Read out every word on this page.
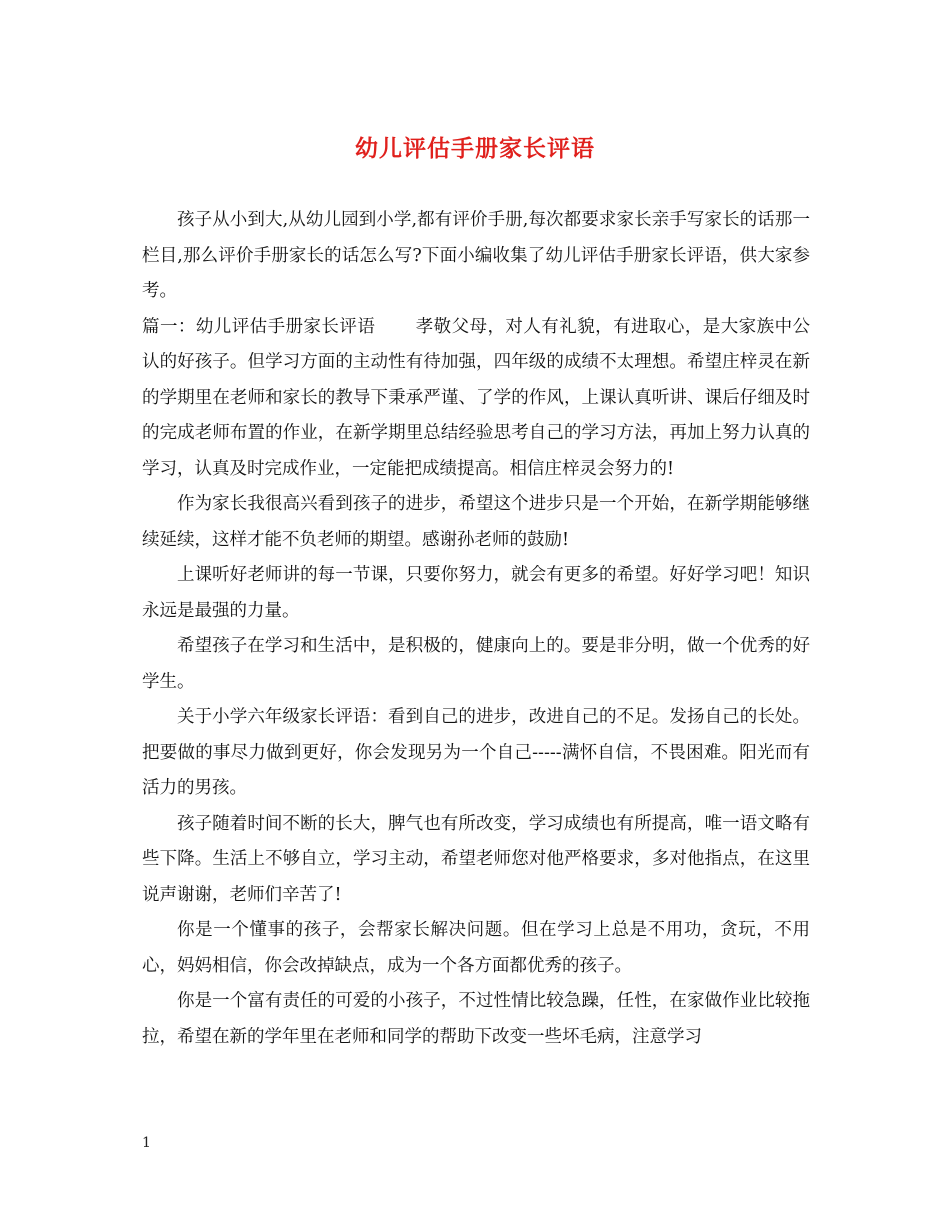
幼儿评估手册家长评语

孩子从小到大,从幼儿园到小学,都有评价手册,每次都要求家长亲手写家长的话那一栏目,那么评价手册家长的话怎么写?下面小编收集了幼儿评估手册家长评语，供大家参考。

篇一：幼儿评估手册家长评语 孝敬父母，对人有礼貌，有进取心，是大家族中公认的好孩子。但学习方面的主动性有待加强，四年级的成绩不太理想。希望庄梓灵在新的学期里在老师和家长的教导下秉承严谨、了学的作风，上课认真听讲、课后仔细及时的完成老师布置的作业，在新学期里总结经验思考自己的学习方法，再加上努力认真的学习，认真及时完成作业，一定能把成绩提高。相信庄梓灵会努力的!

作为家长我很高兴看到孩子的进步，希望这个进步只是一个开始，在新学期能够继续延续，这样才能不负老师的期望。感谢孙老师的鼓励!

上课听好老师讲的每一节课，只要你努力，就会有更多的希望。好好学习吧！知识永远是最强的力量。

希望孩子在学习和生活中，是积极的，健康向上的。要是非分明，做一个优秀的好学生。

关于小学六年级家长评语：看到自己的进步，改进自己的不足。发扬自己的长处。把要做的事尽力做到更好，你会发现另为一个自己-----满怀自信，不畏困难。阳光而有活力的男孩。

孩子随着时间不断的长大，脾气也有所改变，学习成绩也有所提高，唯一语文略有些下降。生活上不够自立，学习主动，希望老师您对他严格要求，多对他指点，在这里说声谢谢，老师们辛苦了!

你是一个懂事的孩子，会帮家长解决问题。但在学习上总是不用功，贪玩，不用心，妈妈相信，你会改掉缺点，成为一个各方面都优秀的孩子。

你是一个富有责任的可爱的小孩子，不过性情比较急躁，任性，在家做作业比较拖拉，希望在新的学年里在老师和同学的帮助下改变一些坏毛病，注意学习

1
